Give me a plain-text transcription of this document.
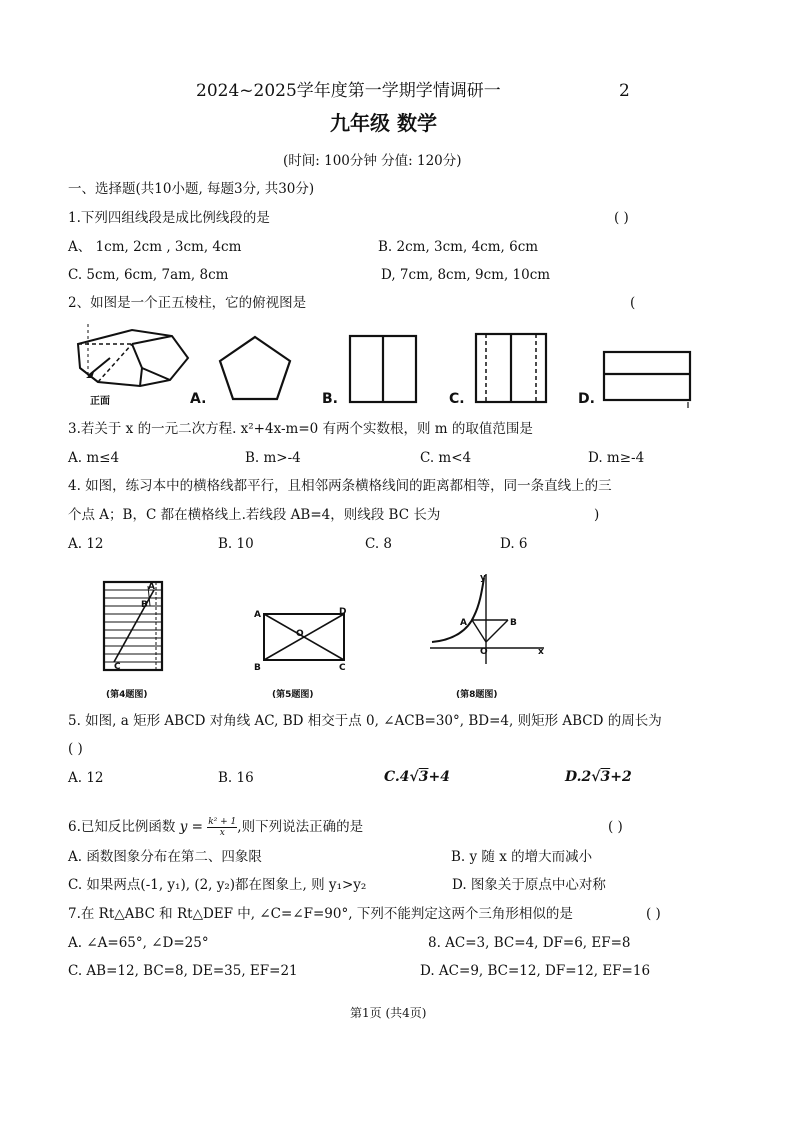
2024~2025学年度第一学期学情调研一	2
九年级 数学
(时间: 100分钟 分值: 120分)
一、选择题(共10小题, 每题3分, 共30分)
1.下列四组线段是成比例线段的是	( )
A、 1cm, 2cm , 3cm, 4cm	B. 2cm, 3cm, 4cm, 6cm
C. 5cm, 6cm, 7am, 8cm	D, 7cm, 8cm, 9cm, 10cm
2、如图是一个正五棱柱，它的俯视图是	(
正面	A.	B.	C.	D.
3.若关于 x 的一元二次方程. x²+4x-m=0 有两个实数根，则 m 的取值范围是
A. m≤4	B. m>-4	C. m<4	D. m≥-4
4. 如图，练习本中的横格线都平行，且相邻两条横格线间的距离都相等，同一条直线上的三
个点 A；B，C 都在横格线上.若线段 AB=4，则线段 BC 长为	)
A. 12	B. 10	C. 8	D. 6
A
B
C
(第4题图)
A	D
O
B	C
(第5题图)
y
x
A	B
O
(第8题图)
5. 如图, a 矩形 ABCD 对角线 AC, BD 相交于点 0, ∠ACB=30°, BD=4, 则矩形 ABCD 的周长为
( )
A. 12	B. 16	C.4√3+4	D.2√3+2
6.已知反比例函数 $y = \frac{\text{k² + 1}}{x}$ ,则下列说法正确的是	( )
A. 函数图象分布在第二、四象限	B. y 随 x 的增大而减小
C. 如果两点(-1, y₁), (2, y₂)都在图象上, 则 y₁>y₂	D. 图象关于原点中心对称
7.在 Rt△ABC 和 Rt△DEF 中, ∠C=∠F=90°, 下列不能判定这两个三角形相似的是	( )
A. ∠A=65°, ∠D=25°	8. AC=3, BC=4, DF=6, EF=8
C. AB=12, BC=8, DE=35, EF=21	D. AC=9, BC=12, DF=12, EF=16
第1页 (共4页)
